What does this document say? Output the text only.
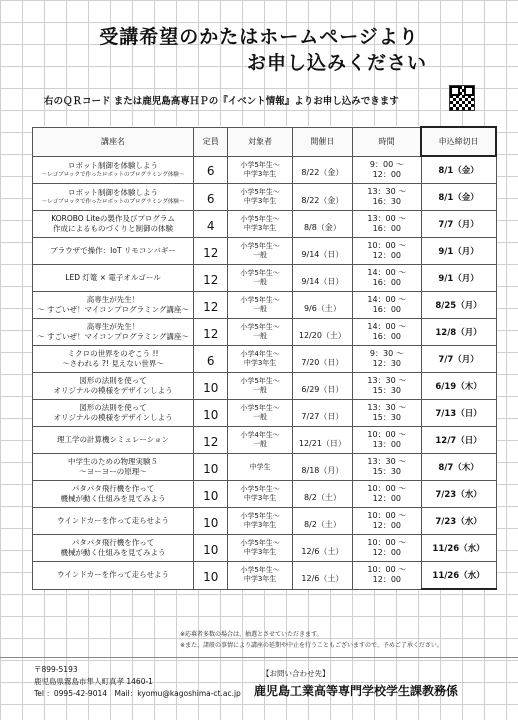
受講希望のかたはホームページより
お申し込みください
右のＱＲコード または鹿児島高専ＨＰの『イベント情報』よりお申し込みできます
講座名	定員	対象者	開催日	時間	申込締切日

ロボット制御を体験しよう
～レゴブロックで作ったロボットのプログラミング体験～	6	小学5年生～
中学3年生	8/22（金）	9：00 ～
12：00	8/1（金）

ロボット制御を体験しよう
～レゴブロックで作ったロボットのプログラミング体験～	6	小学5年生～
中学3年生	8/22（金）	13：30 ～
16：30	8/1（金）

KOROBO Liteの製作及びプログラム
作成によるものづくりと制御の体験	4	小学5年生～
中学3年生	8/8（金）	13：00 ～
16：00	7/7（月）

ブラウザで操作：IoT リモコンバギー	12	小学5年生～
一般	9/14（日）	10：00 ～
12：00	9/1（月）

LED 灯篭 × 電子オルゴール	12	小学5年生～
一般	9/14（日）	14：00 ～
16：00	9/1（月）

高専生が先生！
～ すごいぜ！マイコンプログラミング講座～	12	小学5年生～
一般	9/6（土）	14：00 ～
16：00	8/25（月）

高専生が先生！
～ すごいぜ！マイコンプログラミング講座～	12	小学5年生～
一般	12/20（土）	14：00 ～
16：00	12/8（月）

ミクロの世界をのぞこう !!
～さわれる ?! 見えない世界～	6	小学4年生～
中学3年生	7/20（日）	9：30 ～
12：30	7/7（月）

図形の法則を使って
オリジナルの模様をデザインしよう	10	小学5年生～
一般	6/29（日）	13：30 ～
15：30	6/19（木）

図形の法則を使って
オリジナルの模様をデザインしよう	10	小学5年生～
一般	7/27（日）	13：30 ～
15：30	7/13（日）

理工学の計算機シミュレーション	12	小学4年生～
一般	12/21（日）	10：00 ～
13：00	12/7（日）

中学生のための物理実験５
～ヨーヨーの原理～	10	中学生	8/18（月）	13：30 ～
15：30	8/7（木）

パタパタ飛行機を作って
機械が動く仕組みを見てみよう	10	小学5年生～
中学3年生	8/2（土）	10：00 ～
12：00	7/23（水）

ウインドカーを作って走らせよう	10	小学5年生～
中学3年生	8/2（土）	10：00 ～
12：00	7/23（水）

パタパタ飛行機を作って
機械が動く仕組みを見てみよう	10	小学5年生～
中学3年生	12/6（土）	10：00 ～
12：00	11/26（水）

ウインドカーを作って走らせよう	10	小学5年生～
中学3年生	12/6（土）	10：00 ～
12：00	11/26（水）
※応募者多数の場合は、抽選とさせていただきます。
※また、諸般の事情により講座の延期や中止を行うこともございますので、予めご了承ください。
〒899-5193
鹿児島県霧島市隼人町真孝 1460-1
Tel ：0995-42-9014　Mail：kyomu@kagoshima-ct.ac.jp
【お問い合わせ先】
鹿児島工業高等専門学校学生課教務係
